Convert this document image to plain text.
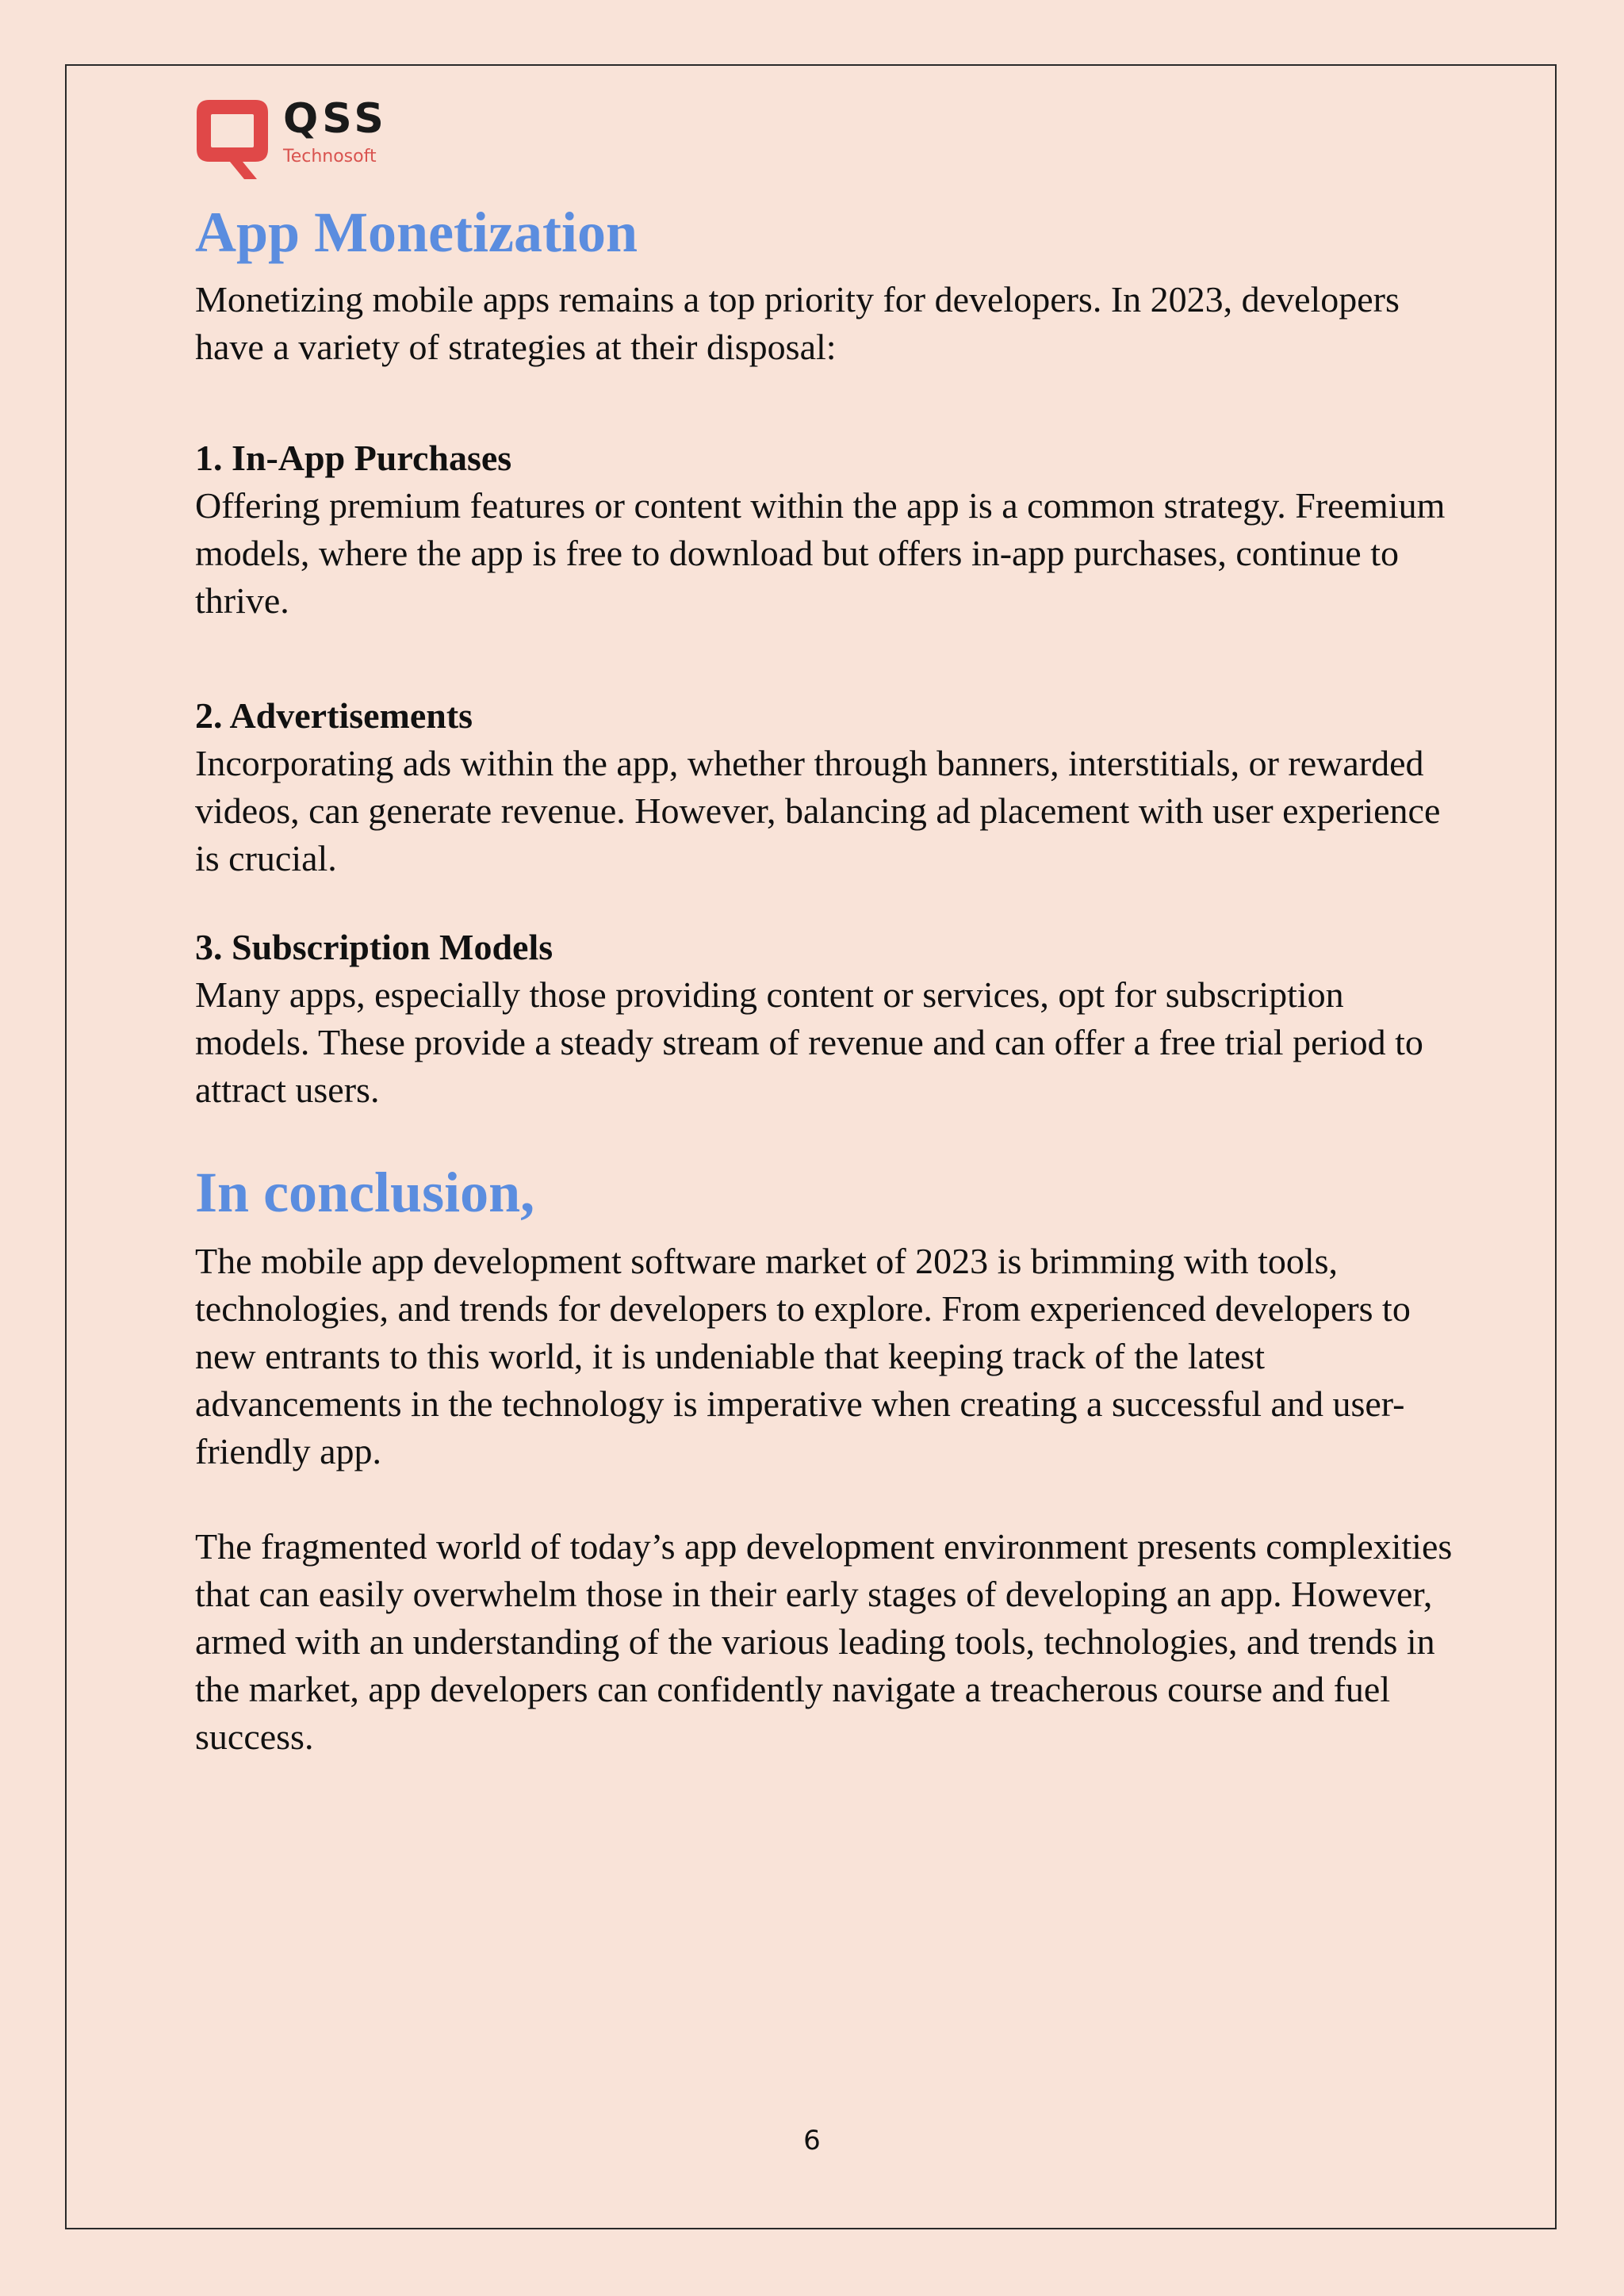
QSS
Technosoft
App Monetization

Monetizing mobile apps remains a top priority for developers. In 2023, developers have a variety of strategies at their disposal:

1. In-App Purchases

Offering premium features or content within the app is a common strategy. Freemium models, where the app is free to download but offers in-app purchases, continue to thrive.

2. Advertisements

Incorporating ads within the app, whether through banners, interstitials, or rewarded videos, can generate revenue. However, balancing ad placement with user experience is crucial.

3. Subscription Models

Many apps, especially those providing content or services, opt for subscription models. These provide a steady stream of revenue and can offer a free trial period to attract users.

In conclusion,

The mobile app development software market of 2023 is brimming with tools, technologies, and trends for developers to explore. From experienced developers to new entrants to this world, it is undeniable that keeping track of the latest advancements in the technology is imperative when creating a successful and user-friendly app.

The fragmented world of today’s app development environment presents complexities that can easily overwhelm those in their early stages of developing an app. However, armed with an understanding of the various leading tools, technologies, and trends in the market, app developers can confidently navigate a treacherous course and fuel success.

6
